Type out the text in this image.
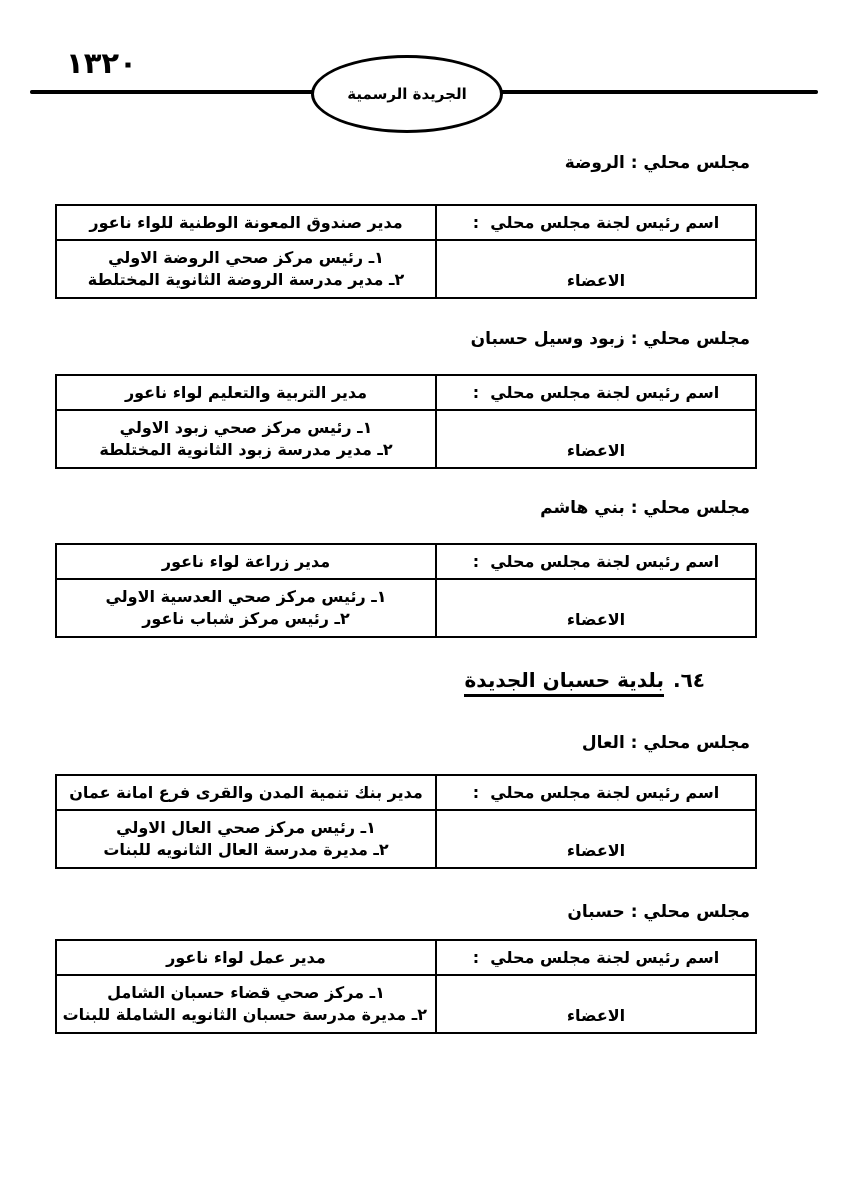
١٣٢٠
الجريدة الرسمية
مجلس محلي : الروضة
اسم رئيس لجنة مجلس محلي  :	مدير صندوق المعونة الوطنية للواء ناعور
الاعضاء	١ـ رئيس مركز صحي الروضة الاولي
٢ـ مدير مدرسة الروضة الثانوية المختلطة
مجلس محلي : زبود وسيل حسبان
اسم رئيس لجنة مجلس محلي  :	مدير التربية والتعليم لواء ناعور
الاعضاء	١ـ رئيس مركز صحي زبود الاولي
٢ـ مدير مدرسة زبود الثانوية المختلطة
مجلس محلي : بني هاشم
اسم رئيس لجنة مجلس محلي  :	مدير زراعة لواء ناعور
الاعضاء	١ـ رئيس مركز صحي العدسية الاولي
٢ـ رئيس مركز شباب ناعور
٦٤.بلدية حسبان الجديدة
مجلس محلي : العال
اسم رئيس لجنة مجلس محلي  :	مدير بنك تنمية المدن والقرى فرع امانة عمان
الاعضاء	١ـ رئيس مركز صحي العال الاولي
٢ـ مديرة مدرسة العال الثانويه للبنات
مجلس محلي : حسبان
اسم رئيس لجنة مجلس محلي  :	مدير عمل لواء ناعور
الاعضاء	١ـ مركز صحي قضاء حسبان الشامل
٢ـ مديرة مدرسة حسبان الثانويه الشاملة للبنات
